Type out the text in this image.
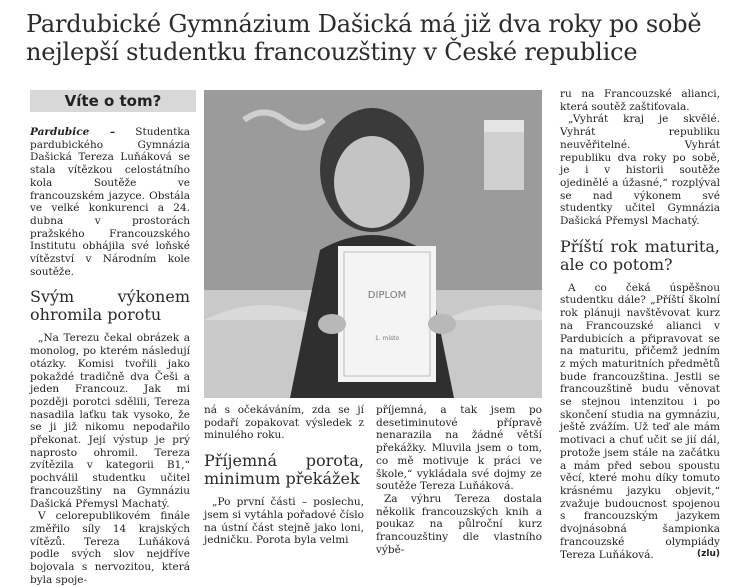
Pardubické Gymnázium Dašická má již dva roky po sobě
nejlepší studentku francouzštiny v České republice
Víte o tom?

Pardubice – Studentka pardubického Gymnázia Dašická Tereza Luňáková se stala vítězkou celostátního kola Soutěže ve francouzském jazyce. Obstála ve velké konkurenci a 24. dubna v prostorách pražského Francouzského Institutu obhájila své loňské vítězství v Národním kole soutěže.

Svým výkonem ohromila porotu

„Na Terezu čekal obrázek a monolog, po kterém následují otázky. Komisi tvořili jako pokaždé tradičně dva Češi a jeden Francouz. Jak mi později porotci sdělili, Tereza nasadila laťku tak vysoko, že se ji již nikomu nepodařilo překonat. Její výstup je prý naprosto ohromil. Tereza zvítězila v kategorii B1,“ pochválil studentku učitel francouzštiny na Gymnáziu Dašická Přemysl Machatý.

V celorepublikovém finále změřilo síly 14 krajských vítězů. Tereza Luňáková podle svých slov nejdříve bojovala s nervozitou, která byla spoje-

DIPLOM
1. místo

ná s očekáváním, zda se jí podaří zopakovat výsledek z minulého roku.

Příjemná porota, minimum překážek

„Po první části – poslechu, jsem si vytáhla pořadové číslo na ústní část stejně jako loni, jedničku. Porota byla velmi

příjemná, a tak jsem po desetiminutové přípravě nenarazila na žádné větší překážky. Mluvila jsem o tom, co mě motivuje k práci ve škole,“ vykládala své dojmy ze soutěže Tereza Luňáková.

Za výhru Tereza dostala několik francouzských knih a poukaz na půlroční kurz francouzštiny dle vlastního výbě-

ru na Francouzské alianci, která soutěž zaštiťovala.

„Vyhrát kraj je skvělé. Vyhrát republiku neuvěřitelné. Vyhrát republiku dva roky po sobě, je i v historii soutěže ojedinělé a úžasné,“ rozplýval se nad výkonem své studentky učitel Gymnázia Dašická Přemysl Machatý.

Příští rok maturita, ale co potom?

A co čeká úspěšnou studentku dále? „Příští školní rok plánuji navštěvovat kurz na Francouzské alianci v Pardubicích a připravovat se na maturitu, přičemž jedním z mých maturitních předmětů bude francouzština. Jestli se francouzštině budu věnovat se stejnou intenzitou i po skončení studia na gymnáziu, ještě zvážím. Už teď ale mám motivaci a chuť učit se jií dál, protože jsem stále na začátku a mám před sebou spoustu věcí, které mohu díky tomuto krásnému jazyku objevit,“ zvažuje budoucnost spojenou s francouzským jazykem dvojnásobná šampionka francouzské olympiády Tereza Luňáková.	(zlu)
